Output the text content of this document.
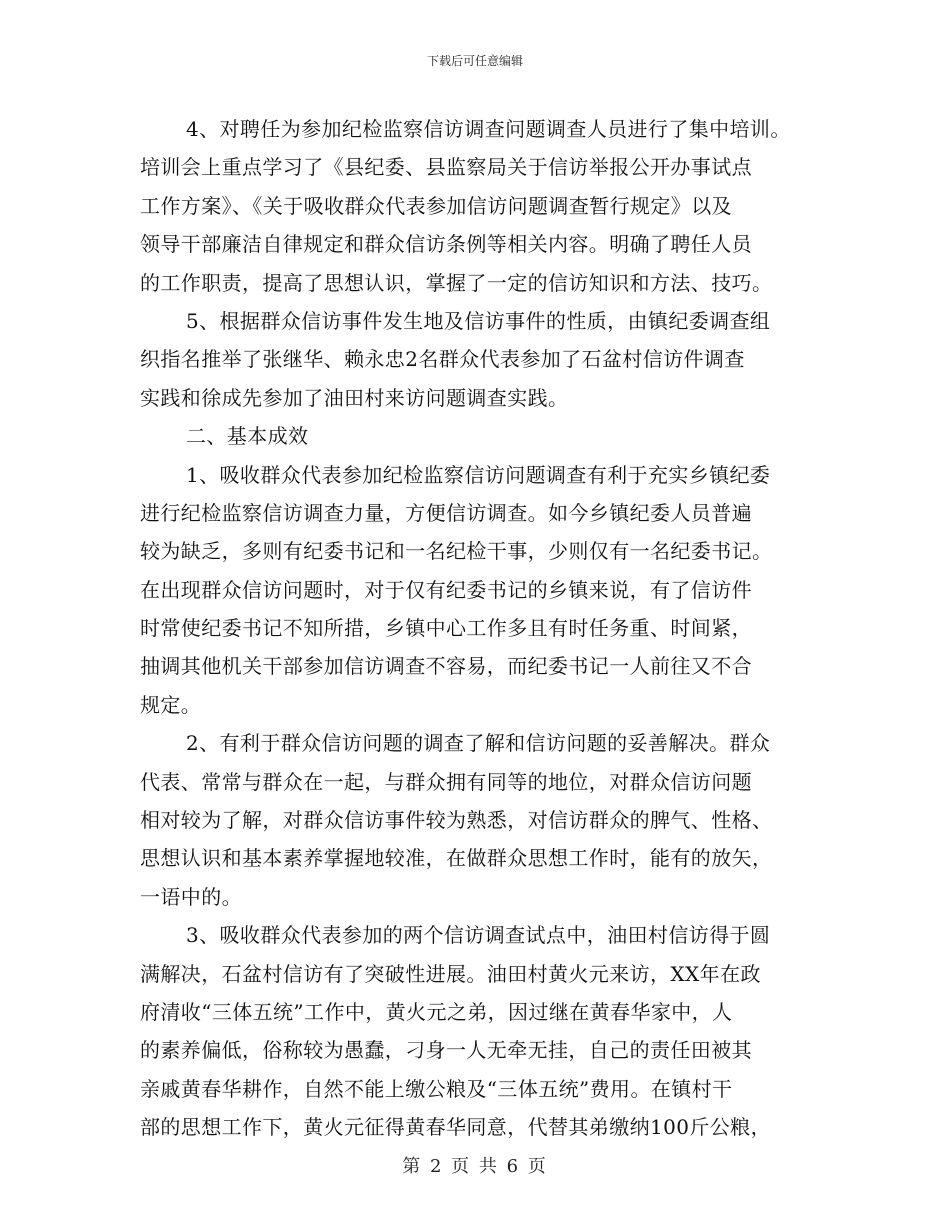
下载后可任意编辑
4、对聘任为参加纪检监察信访调查问题调查人员进行了集中培训。
培训会上重点学习了《县纪委、县监察局关于信访举报公开办事试点
工作方案》、《关于吸收群众代表参加信访问题调查暂行规定》以及
领导干部廉洁自律规定和群众信访条例等相关内容。明确了聘任人员
的工作职责，提高了思想认识，掌握了一定的信访知识和方法、技巧。
5、根据群众信访事件发生地及信访事件的性质，由镇纪委调查组
织指名推举了张继华、赖永忠2名群众代表参加了石盆村信访件调查
实践和徐成先参加了油田村来访问题调查实践。
二、基本成效
1、吸收群众代表参加纪检监察信访问题调查有利于充实乡镇纪委
进行纪检监察信访调查力量，方便信访调查。如今乡镇纪委人员普遍
较为缺乏，多则有纪委书记和一名纪检干事，少则仅有一名纪委书记。
在出现群众信访问题时，对于仅有纪委书记的乡镇来说，有了信访件
时常使纪委书记不知所措，乡镇中心工作多且有时任务重、时间紧，
抽调其他机关干部参加信访调查不容易，而纪委书记一人前往又不合
规定。
2、有利于群众信访问题的调查了解和信访问题的妥善解决。群众
代表、常常与群众在一起，与群众拥有同等的地位，对群众信访问题
相对较为了解，对群众信访事件较为熟悉，对信访群众的脾气、性格、
思想认识和基本素养掌握地较准，在做群众思想工作时，能有的放矢，
一语中的。
3、吸收群众代表参加的两个信访调查试点中，油田村信访得于圆
满解决，石盆村信访有了突破性进展。油田村黄火元来访，XX年在政
府清收“三体五统”工作中，黄火元之弟，因过继在黄春华家中，人
的素养偏低，俗称较为愚蠢，刁身一人无牵无挂，自己的责任田被其
亲戚黄春华耕作，自然不能上缴公粮及“三体五统”费用。在镇村干
部的思想工作下，黄火元征得黄春华同意，代替其弟缴纳100斤公粮，
第 2 页 共 6 页
